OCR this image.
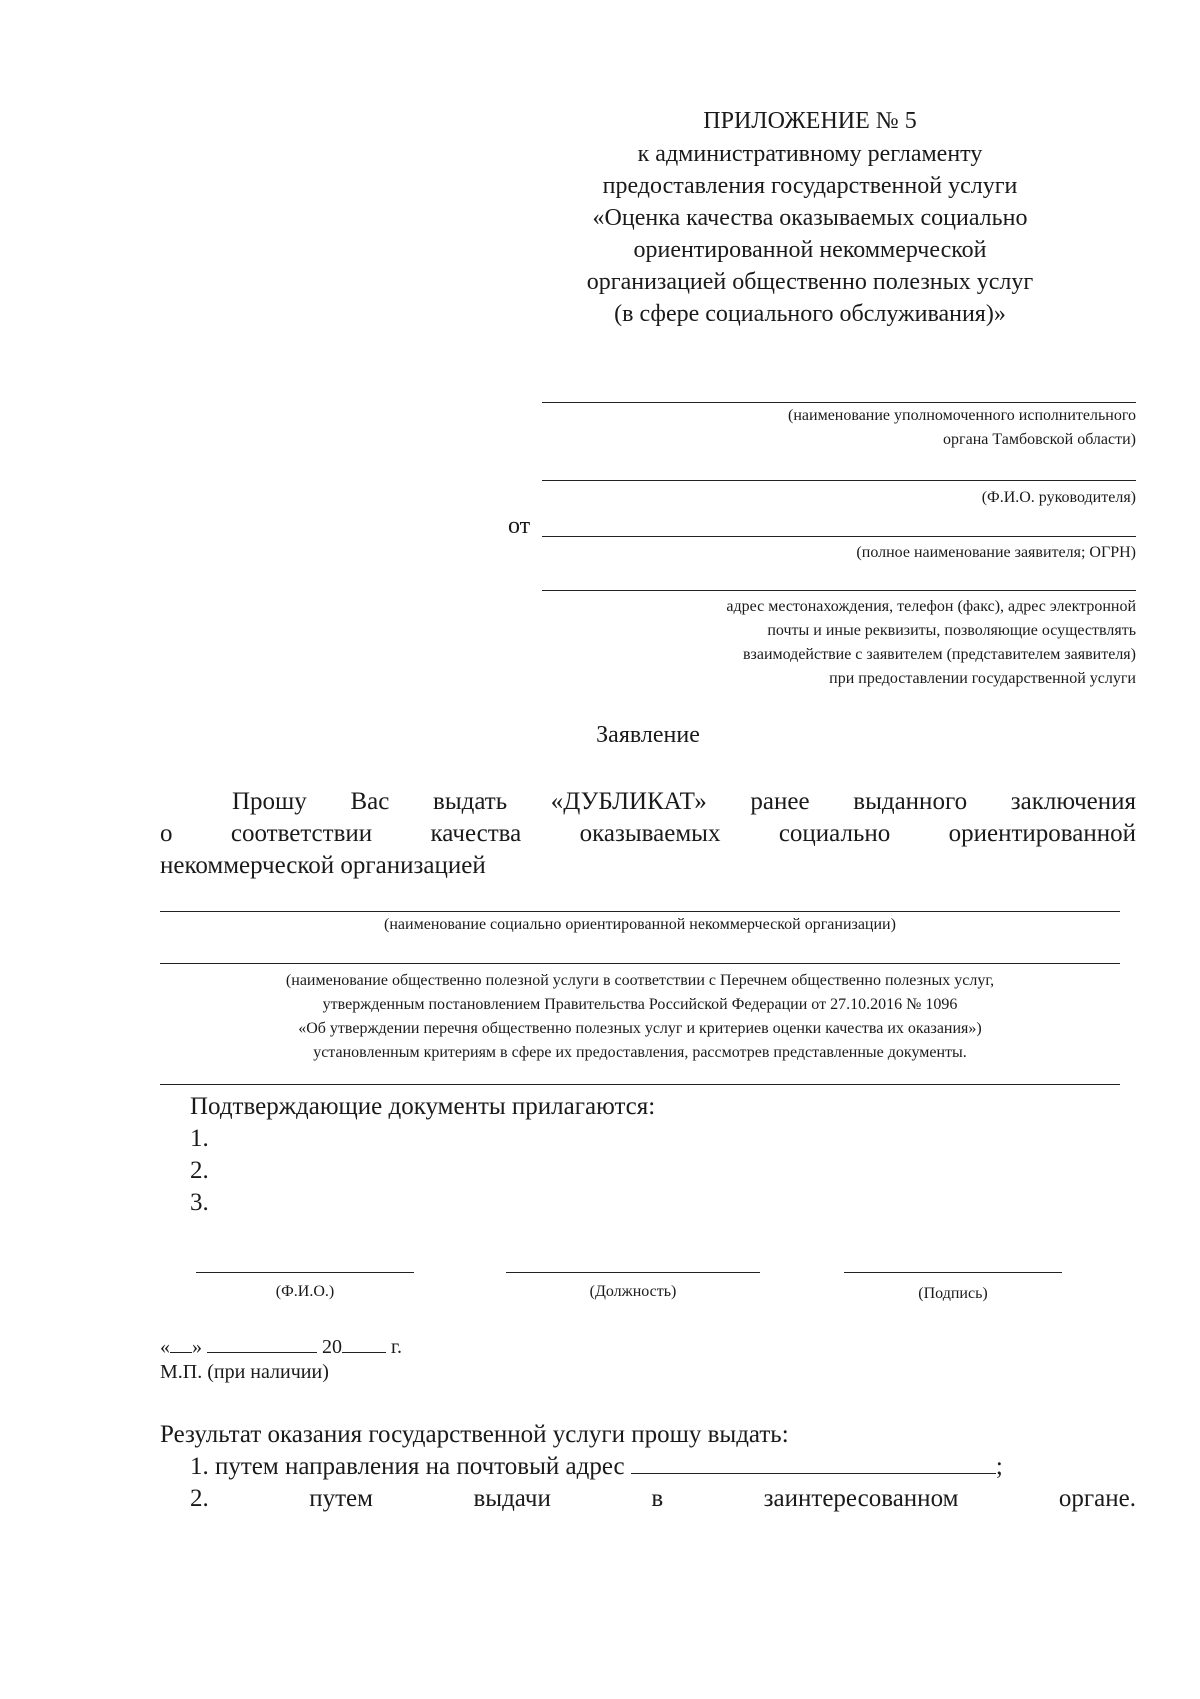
ПРИЛОЖЕНИЕ № 5
к административному регламенту
предоставления государственной услуги
«Оценка качества оказываемых социально
ориентированной некоммерческой
организацией общественно полезных услуг
(в сфере социального обслуживания)»
(наименование уполномоченного исполнительного
органа Тамбовской области)
(Ф.И.О. руководителя)
от
(полное наименование заявителя; ОГРН)
адрес местонахождения, телефон (факс), адрес электронной
почты и иные реквизиты, позволяющие осуществлять
взаимодействие с заявителем (представителем заявителя)
при предоставлении государственной услуги
Заявление
Прошу Вас выдать «ДУБЛИКАТ» ранее выданного заключения
о соответствии качества оказываемых социально ориентированной
некоммерческой организацией
(наименование социально ориентированной некоммерческой организации)
(наименование общественно полезной услуги в соответствии с Перечнем общественно полезных услуг,
утвержденным постановлением Правительства Российской Федерации от 27.10.2016 № 1096
«Об утверждении перечня общественно полезных услуг и критериев оценки качества их оказания»)
установленным критериям в сфере их предоставления, рассмотрев представленные документы.
Подтверждающие документы прилагаются:
1.
2.
3.
(Ф.И.О.)	(Должность)	(Подпись)
« »	20 г.
М.П. (при наличии)
Результат оказания государственной услуги прошу выдать:
1. путем направления на почтовый адрес	;
2. путем выдачи в заинтересованном органе.
